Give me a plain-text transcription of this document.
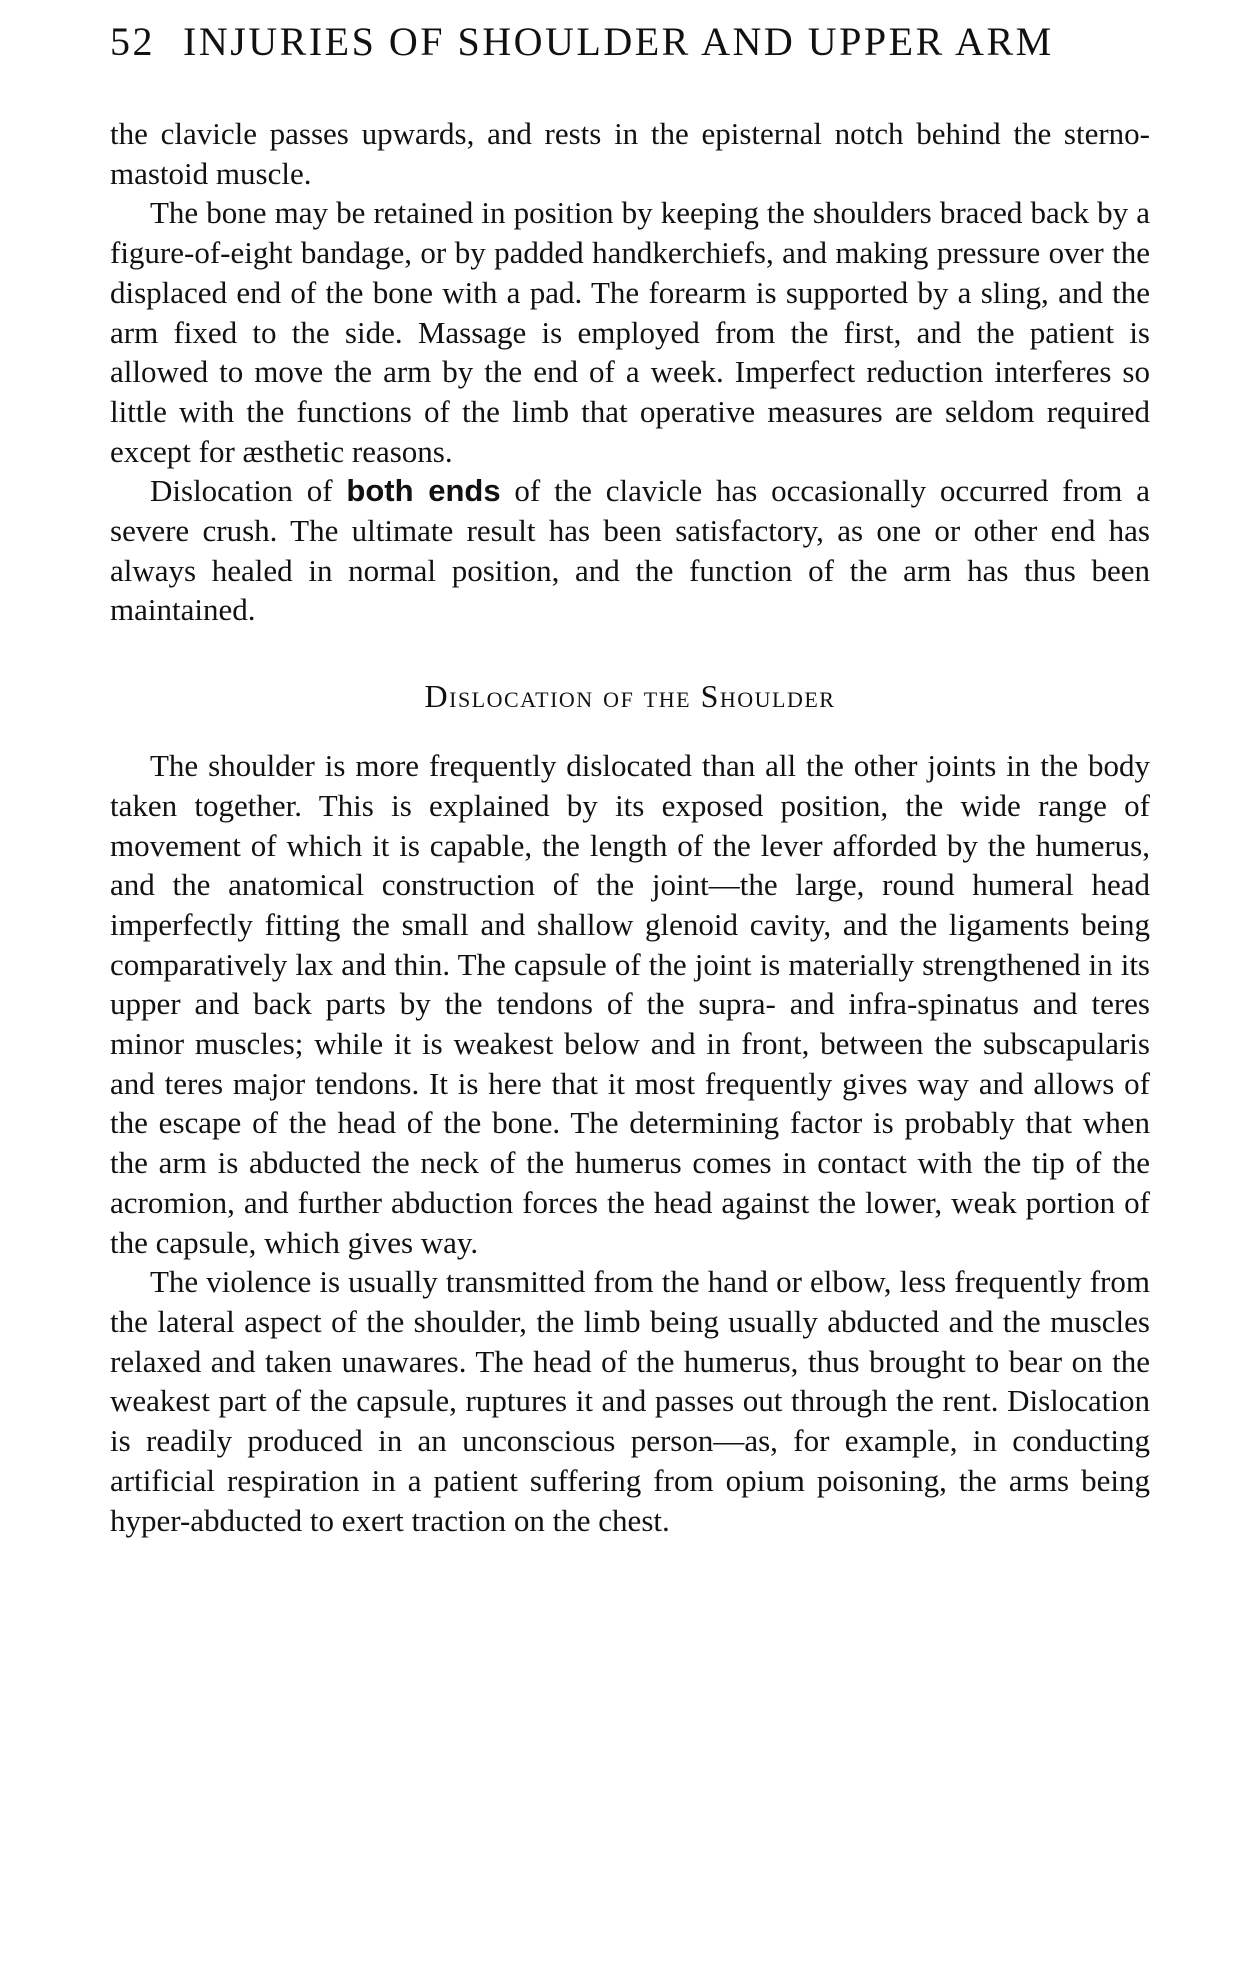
52 INJURIES OF SHOULDER AND UPPER ARM

the clavicle passes upwards, and rests in the episternal notch behind the sterno-mastoid muscle.

The bone may be retained in position by keeping the shoulders braced back by a figure-of-eight bandage, or by padded handkerchiefs, and making pressure over the displaced end of the bone with a pad. The forearm is supported by a sling, and the arm fixed to the side. Massage is employed from the first, and the patient is allowed to move the arm by the end of a week. Imperfect reduction interferes so little with the functions of the limb that operative measures are seldom required except for æsthetic reasons.

Dislocation of both ends of the clavicle has occasionally occurred from a severe crush. The ultimate result has been satisfactory, as one or other end has always healed in normal position, and the function of the arm has thus been maintained.

Dislocation of the Shoulder

The shoulder is more frequently dislocated than all the other joints in the body taken together. This is explained by its exposed position, the wide range of movement of which it is capable, the length of the lever afforded by the humerus, and the anatomical construction of the joint—the large, round humeral head imperfectly fitting the small and shallow glenoid cavity, and the ligaments being comparatively lax and thin. The capsule of the joint is materially strengthened in its upper and back parts by the tendons of the supra- and infra-spinatus and teres minor muscles; while it is weakest below and in front, between the subscapularis and teres major tendons. It is here that it most frequently gives way and allows of the escape of the head of the bone. The determining factor is probably that when the arm is abducted the neck of the humerus comes in contact with the tip of the acromion, and further abduction forces the head against the lower, weak portion of the capsule, which gives way.

The violence is usually transmitted from the hand or elbow, less frequently from the lateral aspect of the shoulder, the limb being usually abducted and the muscles relaxed and taken unawares. The head of the humerus, thus brought to bear on the weakest part of the capsule, ruptures it and passes out through the rent. Dislocation is readily produced in an unconscious person—as, for example, in conducting artificial respiration in a patient suffering from opium poisoning, the arms being hyper-abducted to exert traction on the chest.
